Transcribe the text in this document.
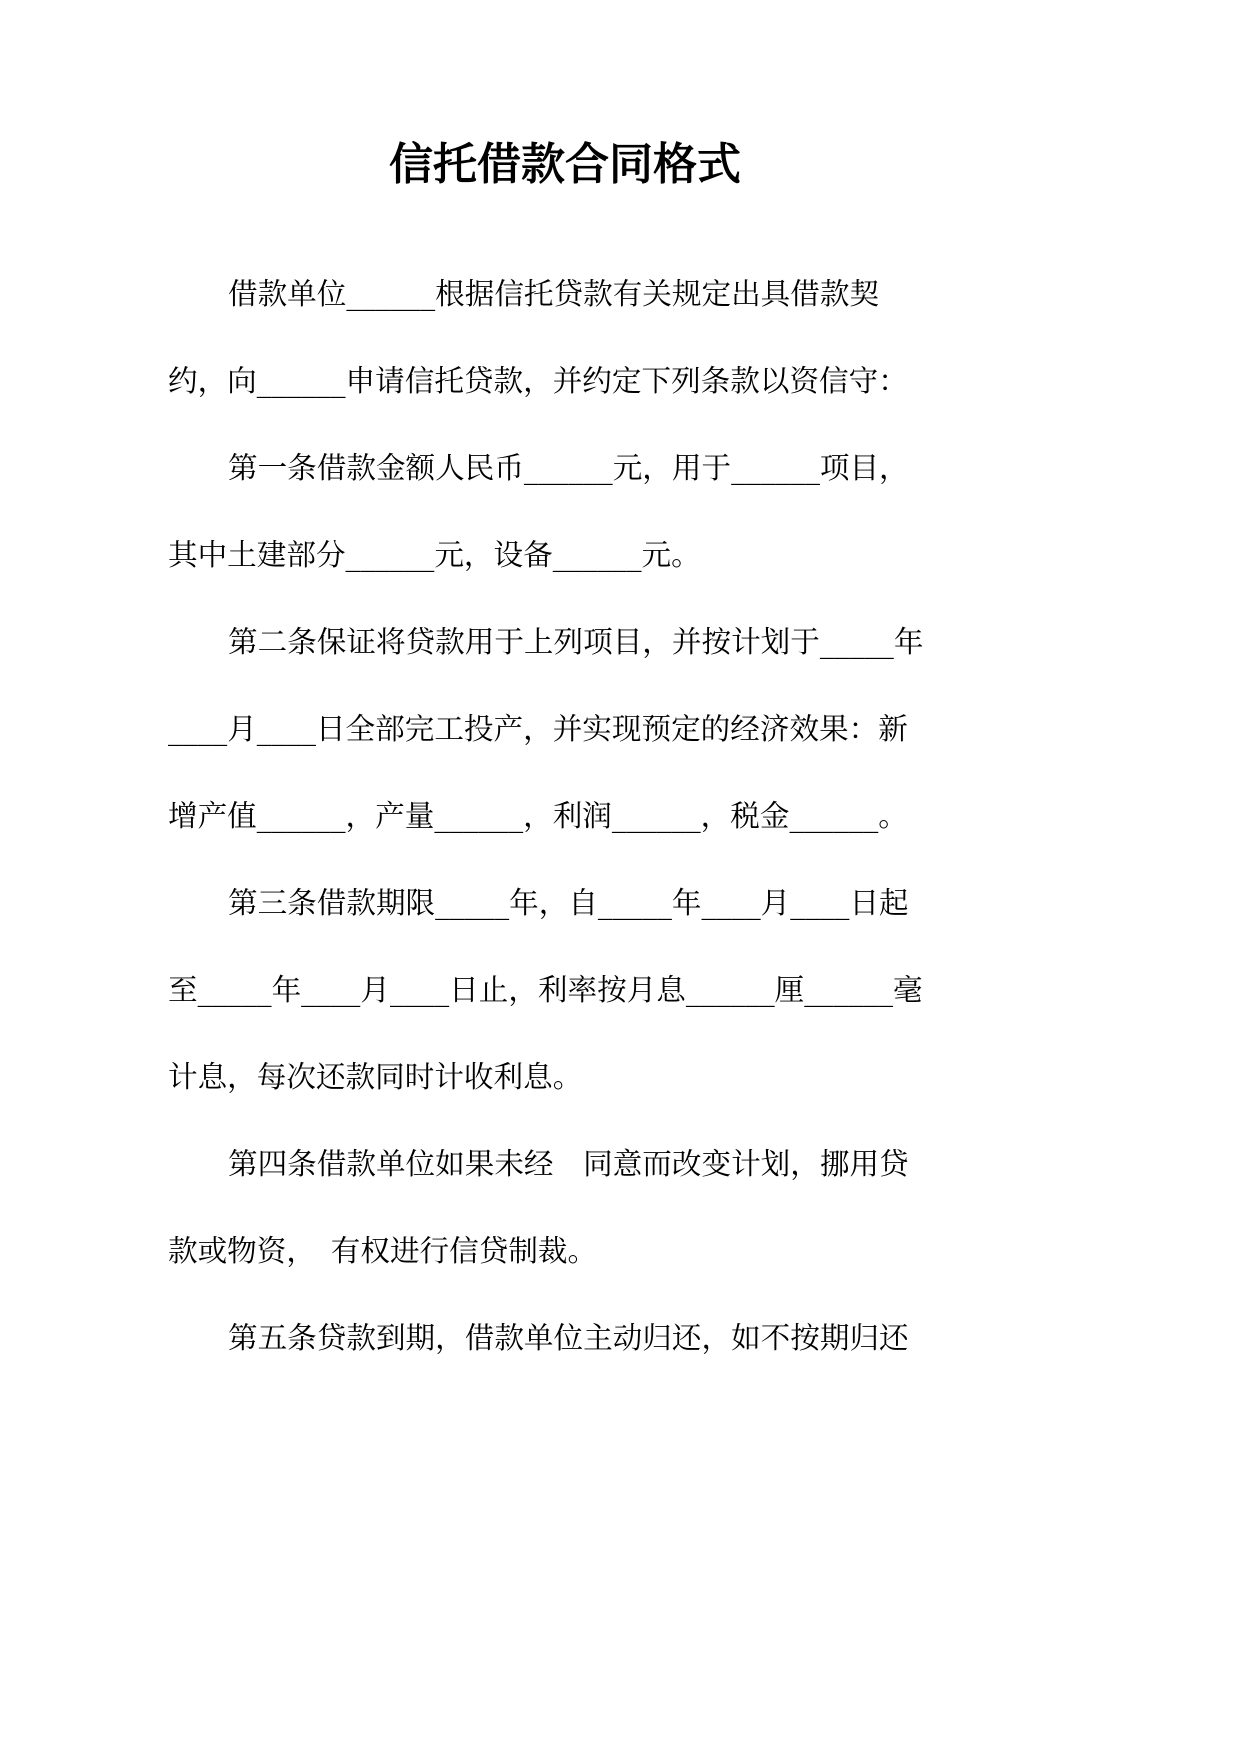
信托借款合同格式
借款单位______根据信托贷款有关规定出具借款契
约，向______申请信托贷款，并约定下列条款以资信守：
第一条借款金额人民币______元，用于______项目，
其中土建部分______元，设备______元。
第二条保证将贷款用于上列项目，并按计划于_____年
____月____日全部完工投产，并实现预定的经济效果：新
增产值______，产量______，利润______，税金______。
第三条借款期限_____年，自_____年____月____日起
至_____年____月____日止，利率按月息______厘______毫
计息，每次还款同时计收利息。
第四条借款单位如果未经　同意而改变计划，挪用贷
款或物资，　有权进行信贷制裁。
第五条贷款到期，借款单位主动归还，如不按期归还
